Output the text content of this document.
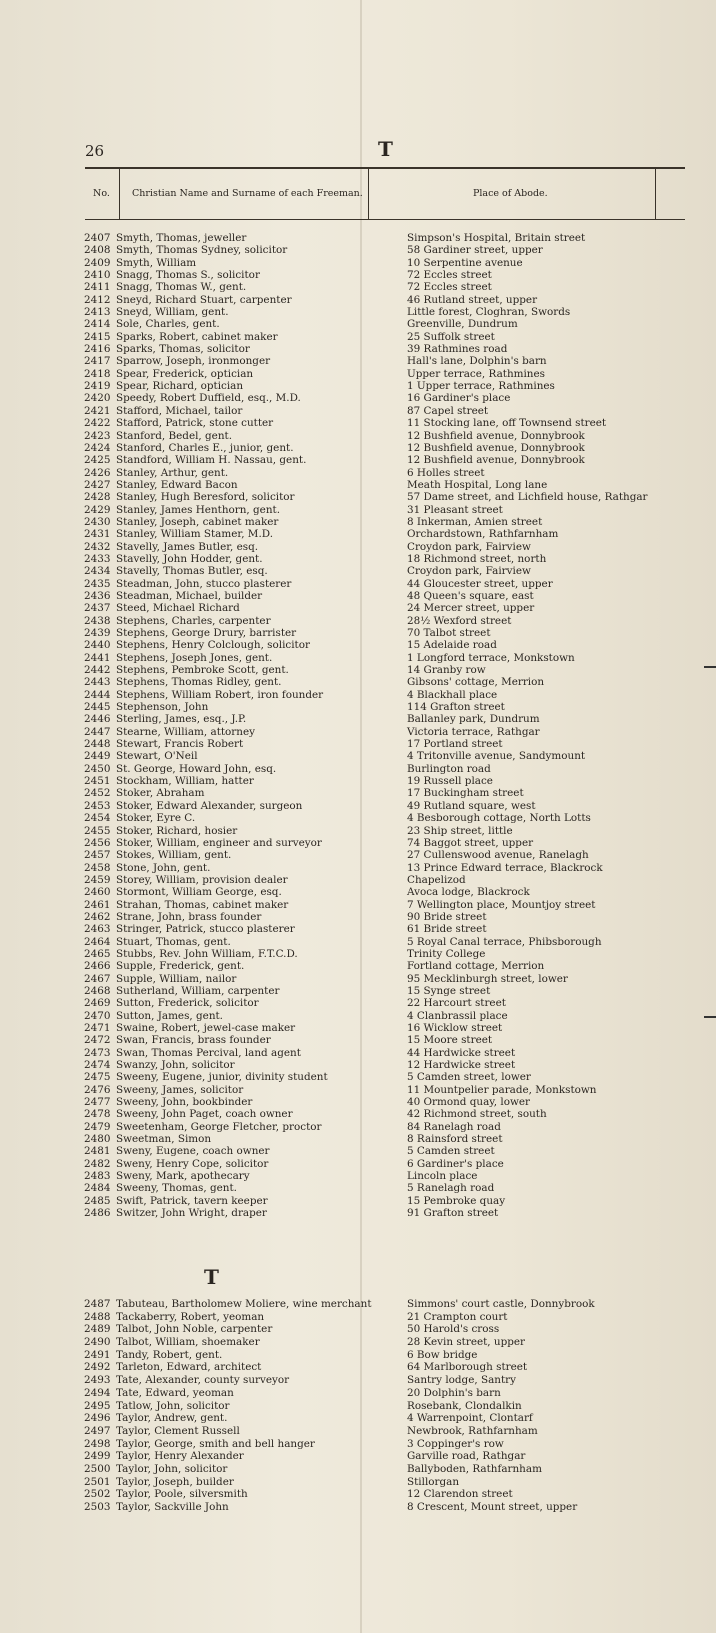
26	T
No. Christian Name and Surname of each Freeman.	Place of Abode.
2407 Smyth, Thomas, jeweller	Simpson's Hospital, Britain street
2408 Smyth, Thomas Sydney, solicitor	58 Gardiner street, upper
2409 Smyth, William	10 Serpentine avenue
2410 Snagg, Thomas S., solicitor	72 Eccles street
2411 Snagg, Thomas W., gent.	72 Eccles street
2412 Sneyd, Richard Stuart, carpenter	46 Rutland street, upper
2413 Sneyd, William, gent.	Little forest, Cloghran, Swords
2414 Sole, Charles, gent.	Greenville, Dundrum
2415 Sparks, Robert, cabinet maker	25 Suffolk street
2416 Sparks, Thomas, solicitor	39 Rathmines road
2417 Sparrow, Joseph, ironmonger	Hall's lane, Dolphin's barn
2418 Spear, Frederick, optician	Upper terrace, Rathmines
2419 Spear, Richard, optician	1 Upper terrace, Rathmines
2420 Speedy, Robert Duffield, esq., M.D.	16 Gardiner's place
2421 Stafford, Michael, tailor	87 Capel street
2422 Stafford, Patrick, stone cutter	11 Stocking lane, off Townsend street
2423 Stanford, Bedel, gent.	12 Bushfield avenue, Donnybrook
2424 Stanford, Charles E., junior, gent.	12 Bushfield avenue, Donnybrook
2425 Standford, William H. Nassau, gent.	12 Bushfield avenue, Donnybrook
2426 Stanley, Arthur, gent.	6 Holles street
2427 Stanley, Edward Bacon	Meath Hospital, Long lane
2428 Stanley, Hugh Beresford, solicitor	57 Dame street, and Lichfield house, Rathgar
2429 Stanley, James Henthorn, gent.	31 Pleasant street
2430 Stanley, Joseph, cabinet maker	8 Inkerman, Amien street
2431 Stanley, William Stamer, M.D.	Orchardstown, Rathfarnham
2432 Stavelly, James Butler, esq.	Croydon park, Fairview
2433 Stavelly, John Hodder, gent.	18 Richmond street, north
2434 Stavelly, Thomas Butler, esq.	Croydon park, Fairview
2435 Steadman, John, stucco plasterer	44 Gloucester street, upper
2436 Steadman, Michael, builder	48 Queen's square, east
2437 Steed, Michael Richard	24 Mercer street, upper
2438 Stephens, Charles, carpenter	28½ Wexford street
2439 Stephens, George Drury, barrister	70 Talbot street
2440 Stephens, Henry Colclough, solicitor	15 Adelaide road
2441 Stephens, Joseph Jones, gent.	1 Longford terrace, Monkstown
2442 Stephens, Pembroke Scott, gent.	14 Granby row
2443 Stephens, Thomas Ridley, gent.	Gibsons' cottage, Merrion
2444 Stephens, William Robert, iron founder	4 Blackhall place
2445 Stephenson, John	114 Grafton street
2446 Sterling, James, esq., J.P.	Ballanley park, Dundrum
2447 Stearne, William, attorney	Victoria terrace, Rathgar
2448 Stewart, Francis Robert	17 Portland street
2449 Stewart, O'Neil	4 Tritonville avenue, Sandymount
2450 St. George, Howard John, esq.	Burlington road
2451 Stockham, William, hatter	19 Russell place
2452 Stoker, Abraham	17 Buckingham street
2453 Stoker, Edward Alexander, surgeon	49 Rutland square, west
2454 Stoker, Eyre C.	4 Besborough cottage, North Lotts
2455 Stoker, Richard, hosier	23 Ship street, little
2456 Stoker, William, engineer and surveyor	74 Baggot street, upper
2457 Stokes, William, gent.	27 Cullenswood avenue, Ranelagh
2458 Stone, John, gent.	13 Prince Edward terrace, Blackrock
2459 Storey, William, provision dealer	Chapelizod
2460 Stormont, William George, esq.	Avoca lodge, Blackrock
2461 Strahan, Thomas, cabinet maker	7 Wellington place, Mountjoy street
2462 Strane, John, brass founder	90 Bride street
2463 Stringer, Patrick, stucco plasterer	61 Bride street
2464 Stuart, Thomas, gent.	5 Royal Canal terrace, Phibsborough
2465 Stubbs, Rev. John William, F.T.C.D.	Trinity College
2466 Supple, Frederick, gent.	Fortland cottage, Merrion
2467 Supple, William, nailor	95 Mecklinburgh street, lower
2468 Sutherland, William, carpenter	15 Synge street
2469 Sutton, Frederick, solicitor	22 Harcourt street
2470 Sutton, James, gent.	4 Clanbrassil place
2471 Swaine, Robert, jewel-case maker	16 Wicklow street
2472 Swan, Francis, brass founder	15 Moore street
2473 Swan, Thomas Percival, land agent	44 Hardwicke street
2474 Swanzy, John, solicitor	12 Hardwicke street
2475 Sweeny, Eugene, junior, divinity student	5 Camden street, lower
2476 Sweeny, James, solicitor	11 Mountpelier parade, Monkstown
2477 Sweeny, John, bookbinder	40 Ormond quay, lower
2478 Sweeny, John Paget, coach owner	42 Richmond street, south
2479 Sweetenham, George Fletcher, proctor	84 Ranelagh road
2480 Sweetman, Simon	8 Rainsford street
2481 Sweny, Eugene, coach owner	5 Camden street
2482 Sweny, Henry Cope, solicitor	6 Gardiner's place
2483 Sweny, Mark, apothecary	Lincoln place
2484 Sweeny, Thomas, gent.	5 Ranelagh road
2485 Swift, Patrick, tavern keeper	15 Pembroke quay
2486 Switzer, John Wright, draper	91 Grafton street
T
2487 Tabuteau, Bartholomew Moliere, wine merchant	Simmons' court castle, Donnybrook
2488 Tackaberry, Robert, yeoman	21 Crampton court
2489 Talbot, John Noble, carpenter	50 Harold's cross
2490 Talbot, William, shoemaker	28 Kevin street, upper
2491 Tandy, Robert, gent.	6 Bow bridge
2492 Tarleton, Edward, architect	64 Marlborough street
2493 Tate, Alexander, county surveyor	Santry lodge, Santry
2494 Tate, Edward, yeoman	20 Dolphin's barn
2495 Tatlow, John, solicitor	Rosebank, Clondalkin
2496 Taylor, Andrew, gent.	4 Warrenpoint, Clontarf
2497 Taylor, Clement Russell	Newbrook, Rathfarnham
2498 Taylor, George, smith and bell hanger	3 Coppinger's row
2499 Taylor, Henry Alexander	Garville road, Rathgar
2500 Taylor, John, solicitor	Ballyboden, Rathfarnham
2501 Taylor, Joseph, builder	Stillorgan
2502 Taylor, Poole, silversmith	12 Clarendon street
2503 Taylor, Sackville John	8 Crescent, Mount street, upper
